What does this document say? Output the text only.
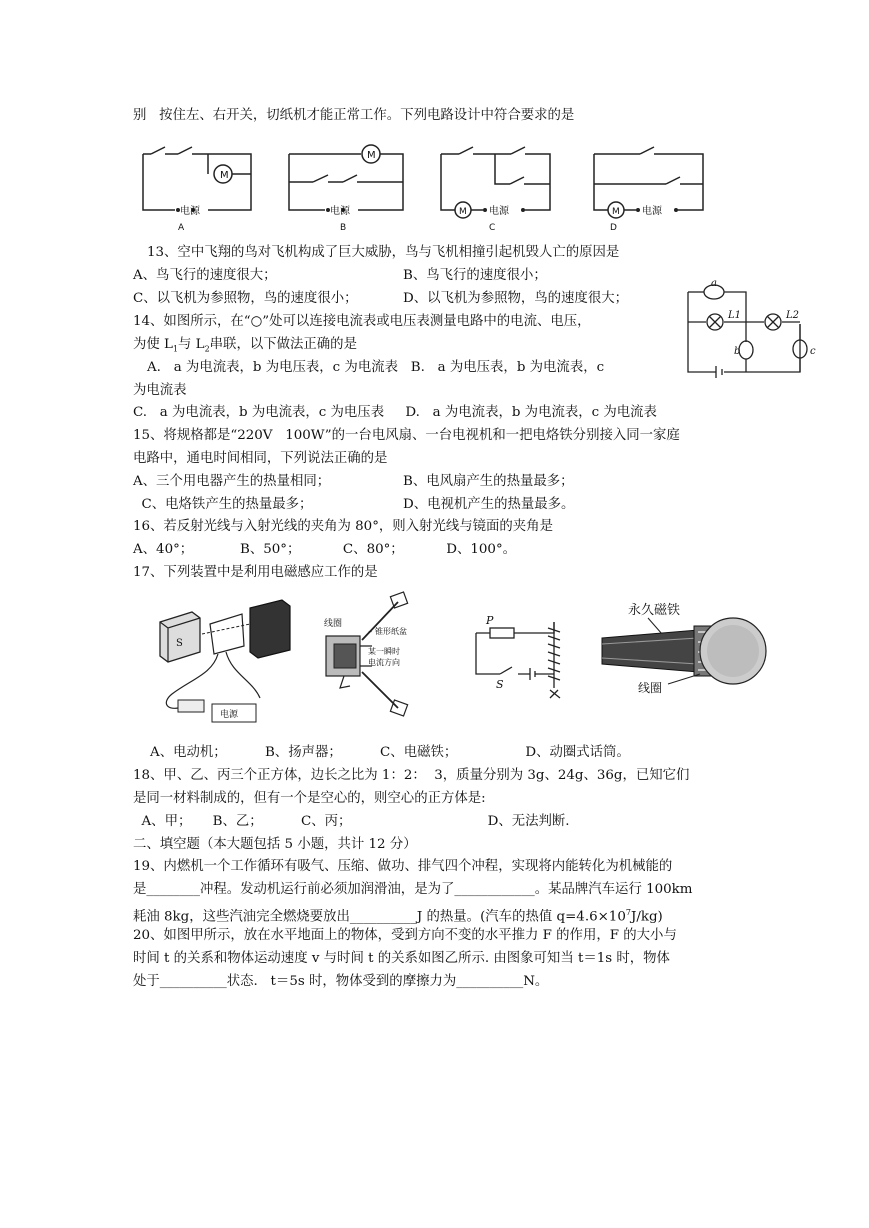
别   按住左、右开关，切纸机才能正常工作。下列电路设计中符合要求的是
M
电源
A
M
电源
B
M 电源
C
M 电源
D
13、空中飞翔的鸟对飞机构成了巨大威胁，鸟与飞机相撞引起机毁人亡的原因是
A、鸟飞行的速度很大；	B、鸟飞行的速度很小；
C、以飞机为参照物，鸟的速度很小；	D、以飞机为参照物，鸟的速度很大；
a
b	c
L1	L2
14、如图所示，在“○”处可以连接电流表或电压表测量电路中的电流、电压，
为使 $L_1$与 $L_2$串联，以下做法正确的是
A.   a 为电流表，b 为电压表，c 为电流表   B.   a 为电压表，b 为电流表，c
为电流表
C.   a 为电流表，b 为电流表，c 为电压表     D.   a 为电流表，b 为电流表，c 为电流表
15、将规格都是“220V   100W”的一台电风扇、一台电视机和一把电烙铁分别接入同一家庭
电路中，通电时间相同，下列说法正确的是
A、三个用电器产生的热量相同；	B、电风扇产生的热量最多；
C、电烙铁产生的热量最多；	D、电视机产生的热量最多。
16、若反射光线与入射光线的夹角为 80°，则入射光线与镜面的夹角是
A、40°；           B、50°；          C、80°；          D、100°。
17、下列装置中是利用电磁感应工作的是
S
电源
线圈
– 锥形纸盆
某一瞬时
电流方向
P
S
永久磁铁
线圈
A、电动机；         B、扬声器；         C、电磁铁；                D、动圈式话筒。
18、甲、乙、丙三个正方体，边长之比为 1：2：  3，质量分别为 3g、24g、36g，已知它们
是同一材料制成的，但有一个是空心的，则空心的正方体是:
A、甲；     B、乙；         C、丙；                                D、无法判断.
二、填空题（本大题包括 5 小题，共计 12 分）
19、内燃机一个工作循环有吸气、压缩、做功、排气四个冲程，实现将内能转化为机械能的
是________冲程。发动机运行前必须加润滑油，是为了____________。某品牌汽车运行 100km
耗油 8kg，这些汽油完全燃烧要放出__________J 的热量。(汽车的热值 $q=4.6\times 10^7J/kg$)
20、如图甲所示，放在水平地面上的物体，受到方向不变的水平推力 F 的作用，F 的大小与
时间 t 的关系和物体运动速度 v 与时间 t 的关系如图乙所示. 由图象可知当 t＝1s 时，物体
处于__________状态.   t＝5s 时，物体受到的摩擦力为__________N。
